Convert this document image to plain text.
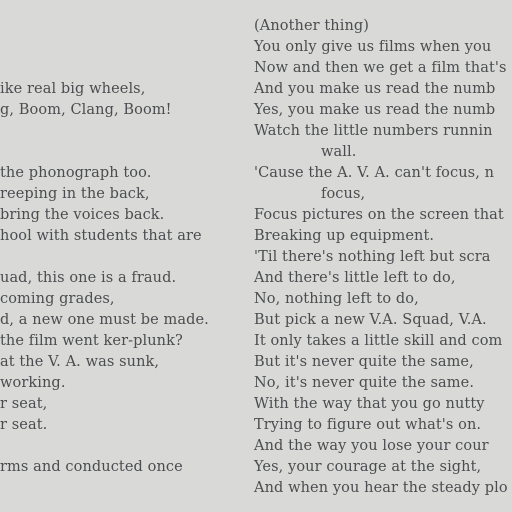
ike real big wheels,
g, Boom, Clang, Boom!
the phonograph too.
reeping in the back,
bring the voices back.
hool with students that are
uad, this one is a fraud.
coming grades,
d, a new one must be made.
the film went ker-plunk?
at the V. A. was sunk,
working.
r seat,
r seat.
rms and conducted once
(Another thing)
You only give us films when you
Now and then we get a film that's
And you make us read the numb
Yes, you make us read the numb
Watch the little numbers runnin
wall.
'Cause the A. V. A. can't focus, n
focus,
Focus pictures on the screen that
Breaking up equipment.
'Til there's nothing left but scra
And there's little left to do,
No, nothing left to do,
But pick a new V.A. Squad, V.A.
It only takes a little skill and com
But it's never quite the same,
No, it's never quite the same.
With the way that you go nutty
Trying to figure out what's on.
And the way you lose your cour
Yes, your courage at the sight,
And when you hear the steady plo
